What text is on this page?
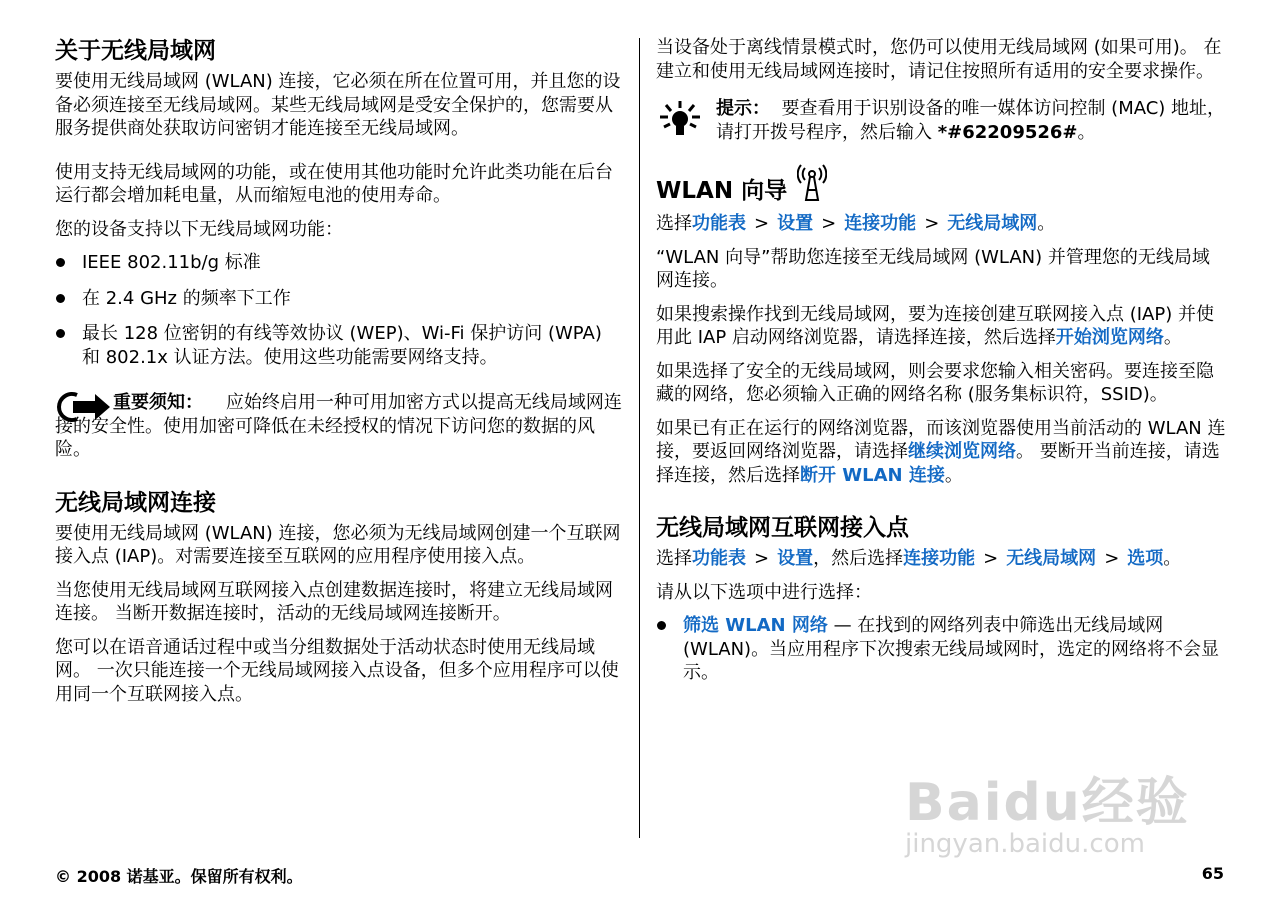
关于无线局域网

要使用无线局域网 (WLAN) 连接，它必须在所在位置可用，并且您的设备必须连接至无线局域网。某些无线局域网是受安全保护的，您需要从服务提供商处获取访问密钥才能连接至无线局域网。

使用支持无线局域网的功能，或在使用其他功能时允许此类功能在后台运行都会增加耗电量，从而缩短电池的使用寿命。

您的设备支持以下无线局域网功能：

IEEE 802.11b/g 标准
在 2.4 GHz 的频率下工作
最长 128 位密钥的有线等效协议 (WEP)、Wi-Fi 保护访问 (WPA) 和 802.1x 认证方法。使用这些功能需要网络支持。

重要须知： 应始终启用一种可用加密方式以提高无线局域网连接的安全性。使用加密可降低在未经授权的情况下访问您的数据的风险。

无线局域网连接

要使用无线局域网 (WLAN) 连接，您必须为无线局域网创建一个互联网接入点 (IAP)。对需要连接至互联网的应用程序使用接入点。

当您使用无线局域网互联网接入点创建数据连接时，将建立无线局域网连接。 当断开数据连接时，活动的无线局域网连接断开。

您可以在语音通话过程中或当分组数据处于活动状态时使用无线局域网。 一次只能连接一个无线局域网接入点设备，但多个应用程序可以使用同一个互联网接入点。

当设备处于离线情景模式时，您仍可以使用无线局域网 (如果可用)。 在建立和使用无线局域网连接时，请记住按照所有适用的安全要求操作。

提示： 要查看用于识别设备的唯一媒体访问控制 (MAC) 地址，请打开拨号程序，然后输入 *#62209526#。

WLAN 向导

选择功能表 > 设置 > 连接功能 > 无线局域网。

“WLAN 向导”帮助您连接至无线局域网 (WLAN) 并管理您的无线局域网连接。

如果搜索操作找到无线局域网，要为连接创建互联网接入点 (IAP) 并使用此 IAP 启动网络浏览器，请选择连接，然后选择开始浏览网络。

如果选择了安全的无线局域网，则会要求您输入相关密码。要连接至隐藏的网络，您必须输入正确的网络名称 (服务集标识符，SSID)。

如果已有正在运行的网络浏览器，而该浏览器使用当前活动的 WLAN 连接，要返回网络浏览器，请选择继续浏览网络。 要断开当前连接，请选择连接，然后选择断开 WLAN 连接。

无线局域网互联网接入点

选择功能表 > 设置，然后选择连接功能 > 无线局域网 > 选项。

请从以下选项中进行选择：

筛选 WLAN 网络 — 在找到的网络列表中筛选出无线局域网 (WLAN)。当应用程序下次搜索无线局域网时，选定的网络将不会显示。
Baidu经验
jingyan.baidu.com
© 2008 诺基亚。保留所有权利。	65
